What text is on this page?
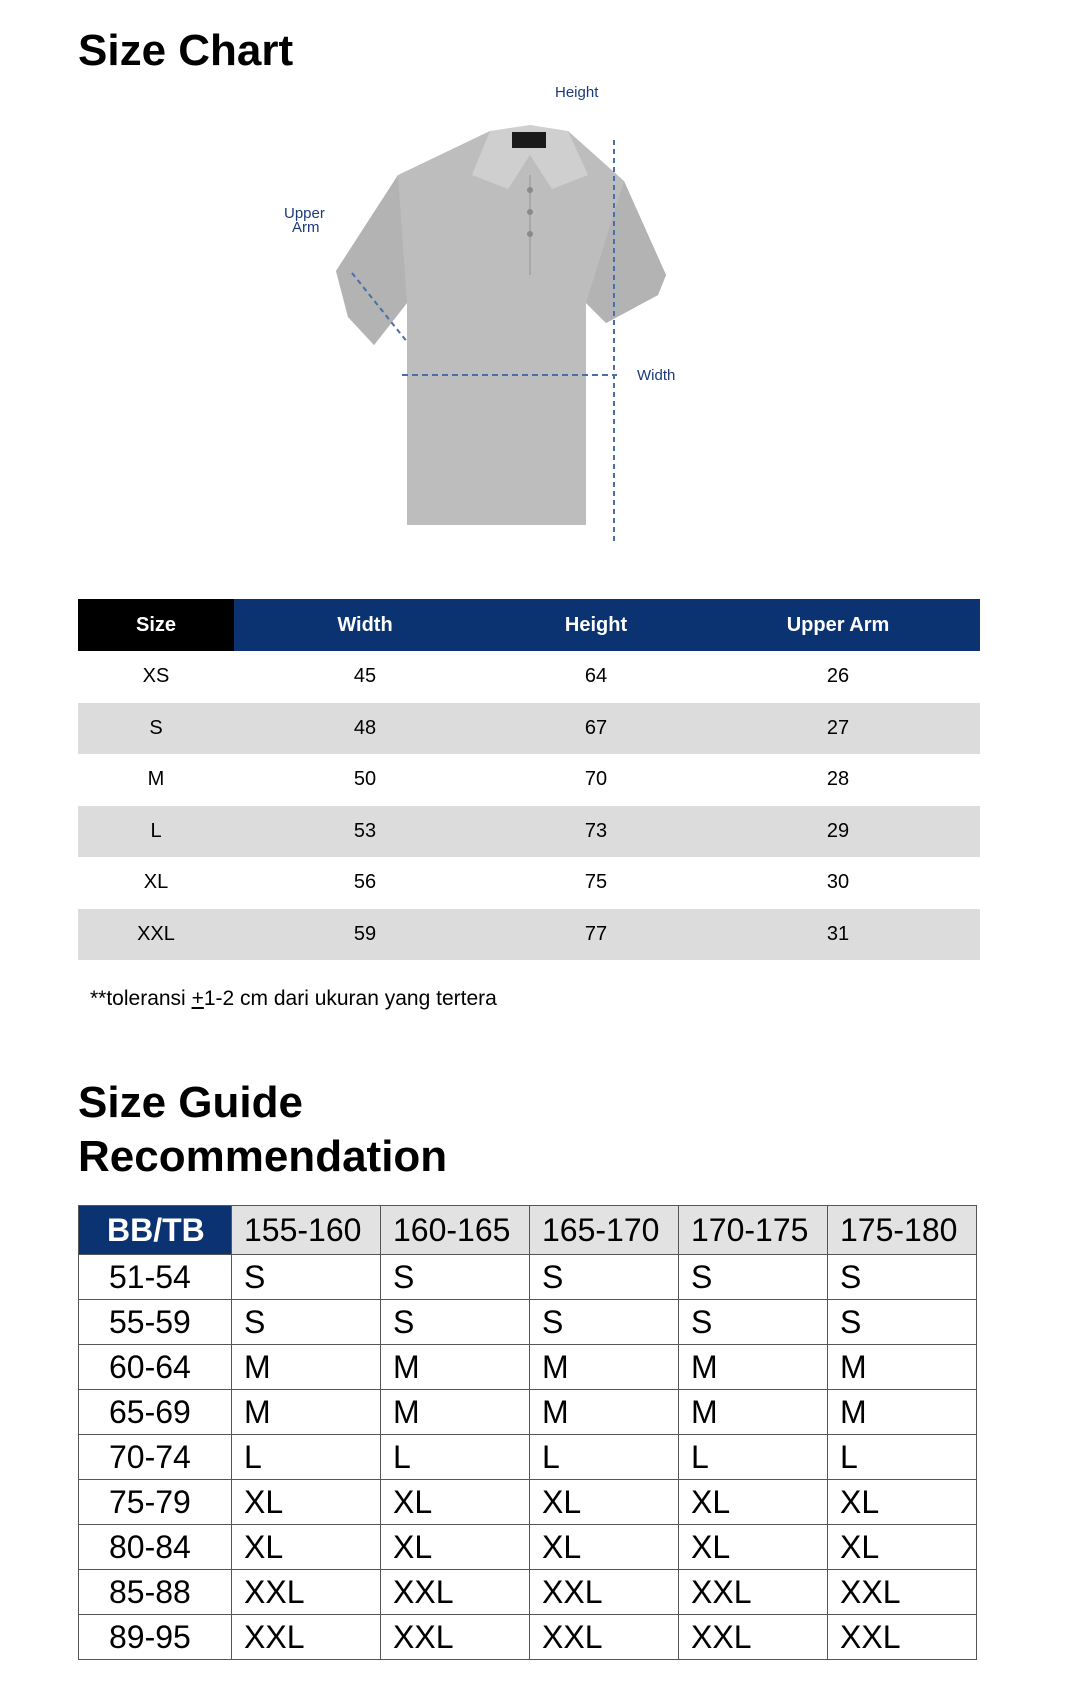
Size Chart
Height
Upper
Arm
Width
Size	Width	Height	Upper Arm
XS	45	64	26
S	48	67	27
M	50	70	28
L	53	73	29
XL	56	75	30
XXL	59	77	31

**toleransi +1-2 cm dari ukuran yang tertera

Size Guide
Recommendation
BB/TB	155-160	160-165	165-170	170-175	175-180
51-54	S	S	S	S	S
55-59	S	S	S	S	S
60-64	M	M	M	M	M
65-69	M	M	M	M	M
70-74	L	L	L	L	L
75-79	XL	XL	XL	XL	XL
80-84	XL	XL	XL	XL	XL
85-88	XXL	XXL	XXL	XXL	XXL
89-95	XXL	XXL	XXL	XXL	XXL
